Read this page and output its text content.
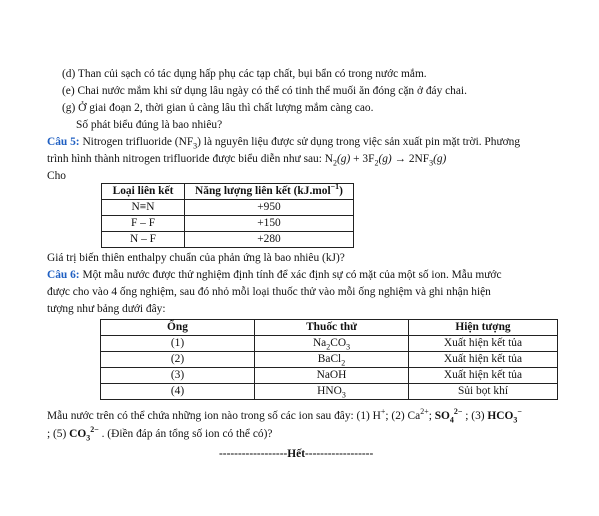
(d) Than củi sạch có tác dụng hấp phụ các tạp chất, bụi bẩn có trong nước mắm.
(e) Chai nước mắm khi sử dụng lâu ngày có thể có tinh thể muối ăn đóng cặn ở đáy chai.
(g) Ở giai đoạn 2, thời gian ủ càng lâu thì chất lượng mắm càng cao.
Số phát biểu đúng là bao nhiêu?
Câu 5: Nitrogen trifluoride $(NF_3)$ là nguyên liệu được sử dụng trong việc sản xuất pin mặt trời. Phương
trình hình thành nitrogen trifluoride được biểu diễn như sau: $N_2(g) + 3F_2(g) \to 2NF_3(g)$
Cho
Loại liên kết	Năng lượng liên kết (kJ.mol$^{-1}$)
N≡N	+950
F – F	+150
N – F	+280
Giá trị biến thiên enthalpy chuẩn của phản ứng là bao nhiêu (kJ)?
Câu 6: Một mẫu nước được thử nghiệm định tính để xác định sự có mặt của một số ion. Mẫu mước
được cho vào 4 ống nghiệm, sau đó nhỏ mỗi loại thuốc thử vào mỗi ống nghiệm và ghi nhận hiện
tượng như bảng dưới đây:
Ống	Thuốc thử	Hiện tượng
(1)	$Na_2CO_3$	Xuất hiện kết tủa
(2)	BaCl$_2$	Xuất hiện kết tủa
(3)	NaOH	Xuất hiện kết tủa
(4)	$HNO_3$	Sủi bọt khí
Mẫu nước trên có thể chứa những ion nào trong số các ion sau đây: (1) H+; (2) $Ca^{2+}$; $SO_4^{2-}$ ; (3) $HCO_3^-$
; (5) $CO_3^{2-}$ . (Điền đáp án tổng số ion có thể có)?
------------------Hết------------------
